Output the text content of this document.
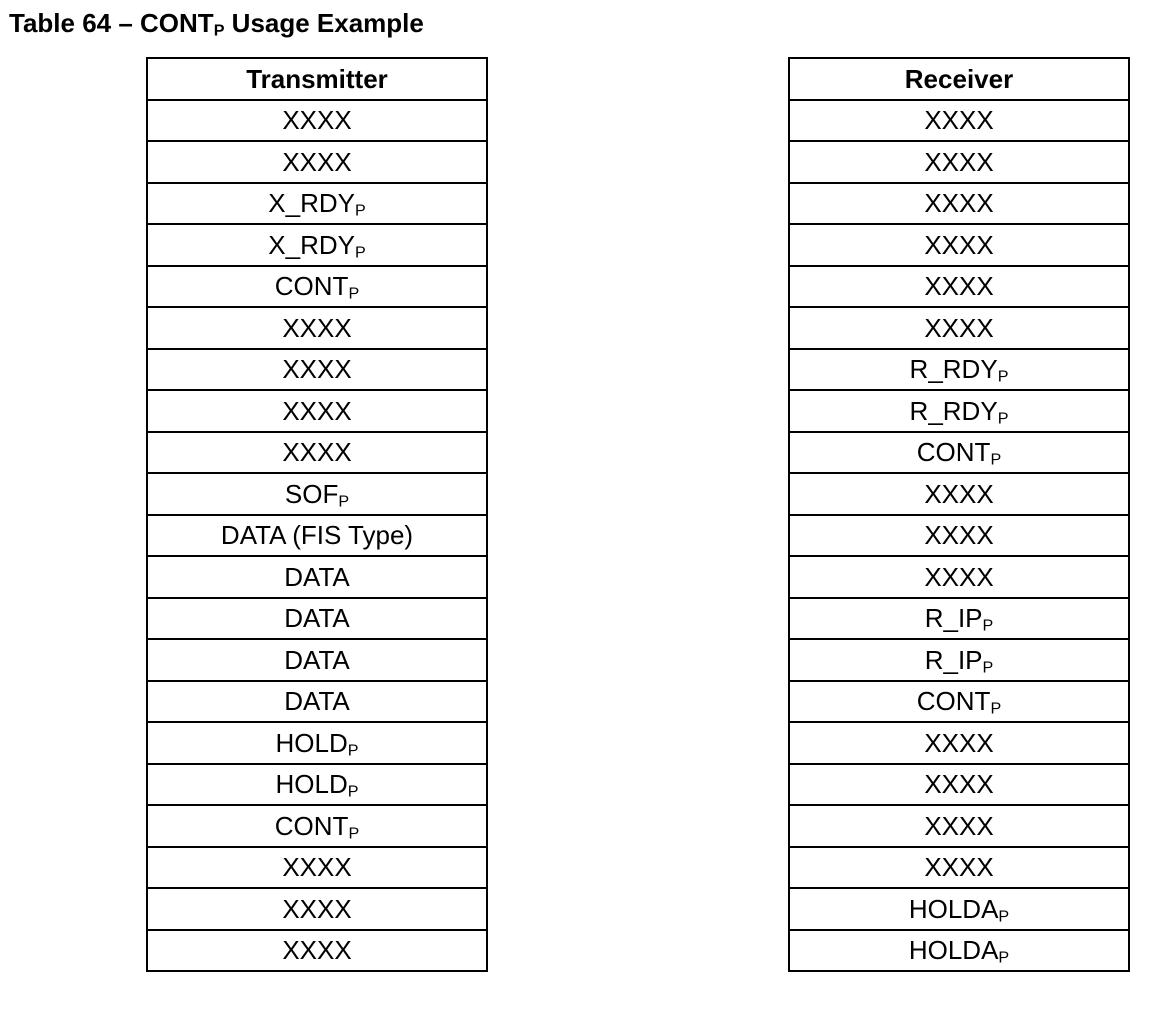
Table $64 - CONT_P$ Usage Example
Transmitter
XXXX
XXXX
$X\_RDY_P$
$X\_RDY_P$
$CONT_P$
XXXX
XXXX
XXXX
XXXX
$SOF_P$
DATA (FIS Type)
DATA
DATA
DATA
DATA
$HOLD_P$
$HOLD_P$
$CONT_P$
XXXX
XXXX
XXXX
Receiver
XXXX
XXXX
XXXX
XXXX
XXXX
XXXX
$R\_RDY_P$
$R\_RDY_P$
$CONT_P$
XXXX
XXXX
XXXX
$R\_IP_P$
$R\_IP_P$
$CONT_P$
XXXX
XXXX
XXXX
XXXX
$HOLDA_P$
$HOLDA_P$
